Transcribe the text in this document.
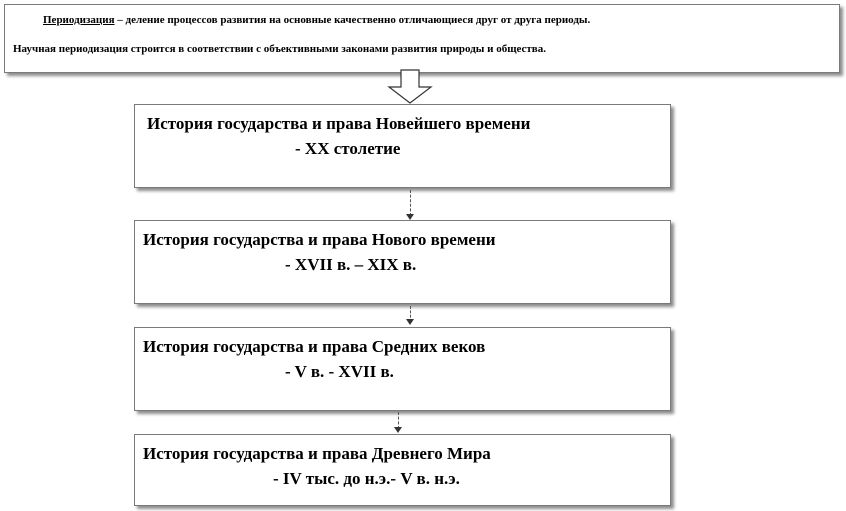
Периодизация – деление процессов развития на основные качественно отличающиеся друг от друга периоды.

Научная периодизация строится в соответствии с объективными законами развития природы и общества.

История государства и права Новейшего времени
- XX столетие
История государства и права Нового времени
- XVII в. – XIX в.
История государства и права Средних веков
- V в. - XVII в.
История государства и права Древнего Мира
- IV тыс. до н.э.- V в. н.э.
